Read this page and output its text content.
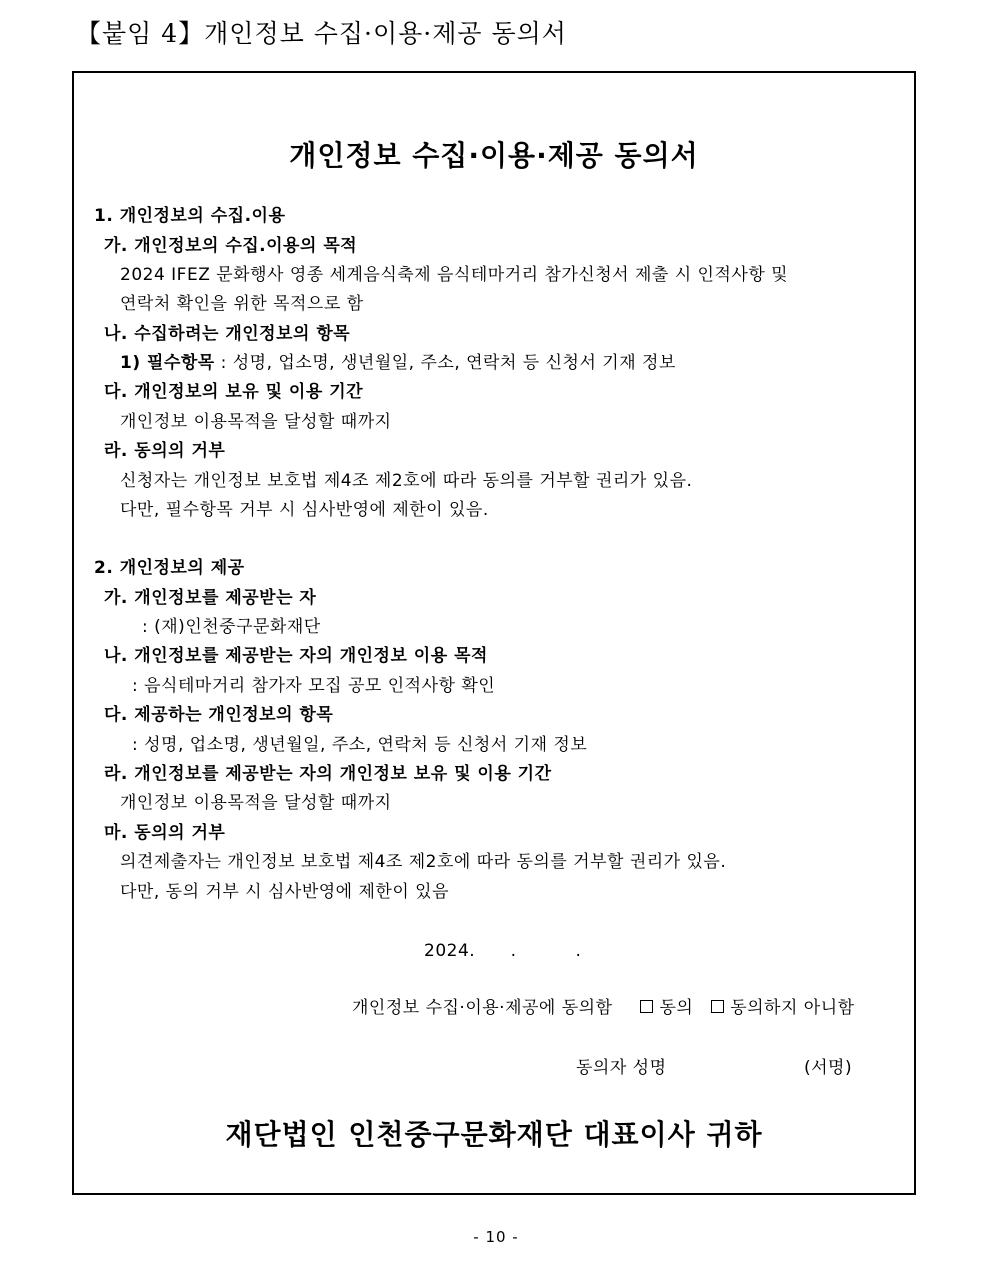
【붙임 4】개인정보 수집·이용·제공 동의서
개인정보 수집·이용·제공 동의서
1. 개인정보의 수집.이용
가. 개인정보의 수집.이용의 목적
2024 IFEZ 문화행사 영종 세계음식축제 음식테마거리 참가신청서 제출 시 인적사항 및
연락처 확인을 위한 목적으로 함
나. 수집하려는 개인정보의 항목
1) 필수항목 : 성명, 업소명, 생년월일, 주소, 연락처 등 신청서 기재 정보
다. 개인정보의 보유 및 이용 기간
개인정보 이용목적을 달성할 때까지
라. 동의의 거부
신청자는 개인정보 보호법 제4조 제2호에 따라 동의를 거부할 권리가 있음.
다만, 필수항목 거부 시 심사반영에 제한이 있음.
2. 개인정보의 제공
가. 개인정보를 제공받는 자
: (재)인천중구문화재단
나. 개인정보를 제공받는 자의 개인정보 이용 목적
: 음식테마거리 참가자 모집 공모 인적사항 확인
다. 제공하는 개인정보의 항목
: 성명, 업소명, 생년월일, 주소, 연락처 등 신청서 기재 정보
라. 개인정보를 제공받는 자의 개인정보 보유 및 이용 기간
개인정보 이용목적을 달성할 때까지
마. 동의의 거부
의견제출자는 개인정보 보호법 제4조 제2호에 따라 동의를 거부할 권리가 있음.
다만, 동의 거부 시 심사반영에 제한이 있음
2024.      .          .
개인정보 수집·이용·제공에 동의함	동의 동의하지 아니함
동의자 성명	(서명)
재단법인 인천중구문화재단 대표이사 귀하
- 10 -
